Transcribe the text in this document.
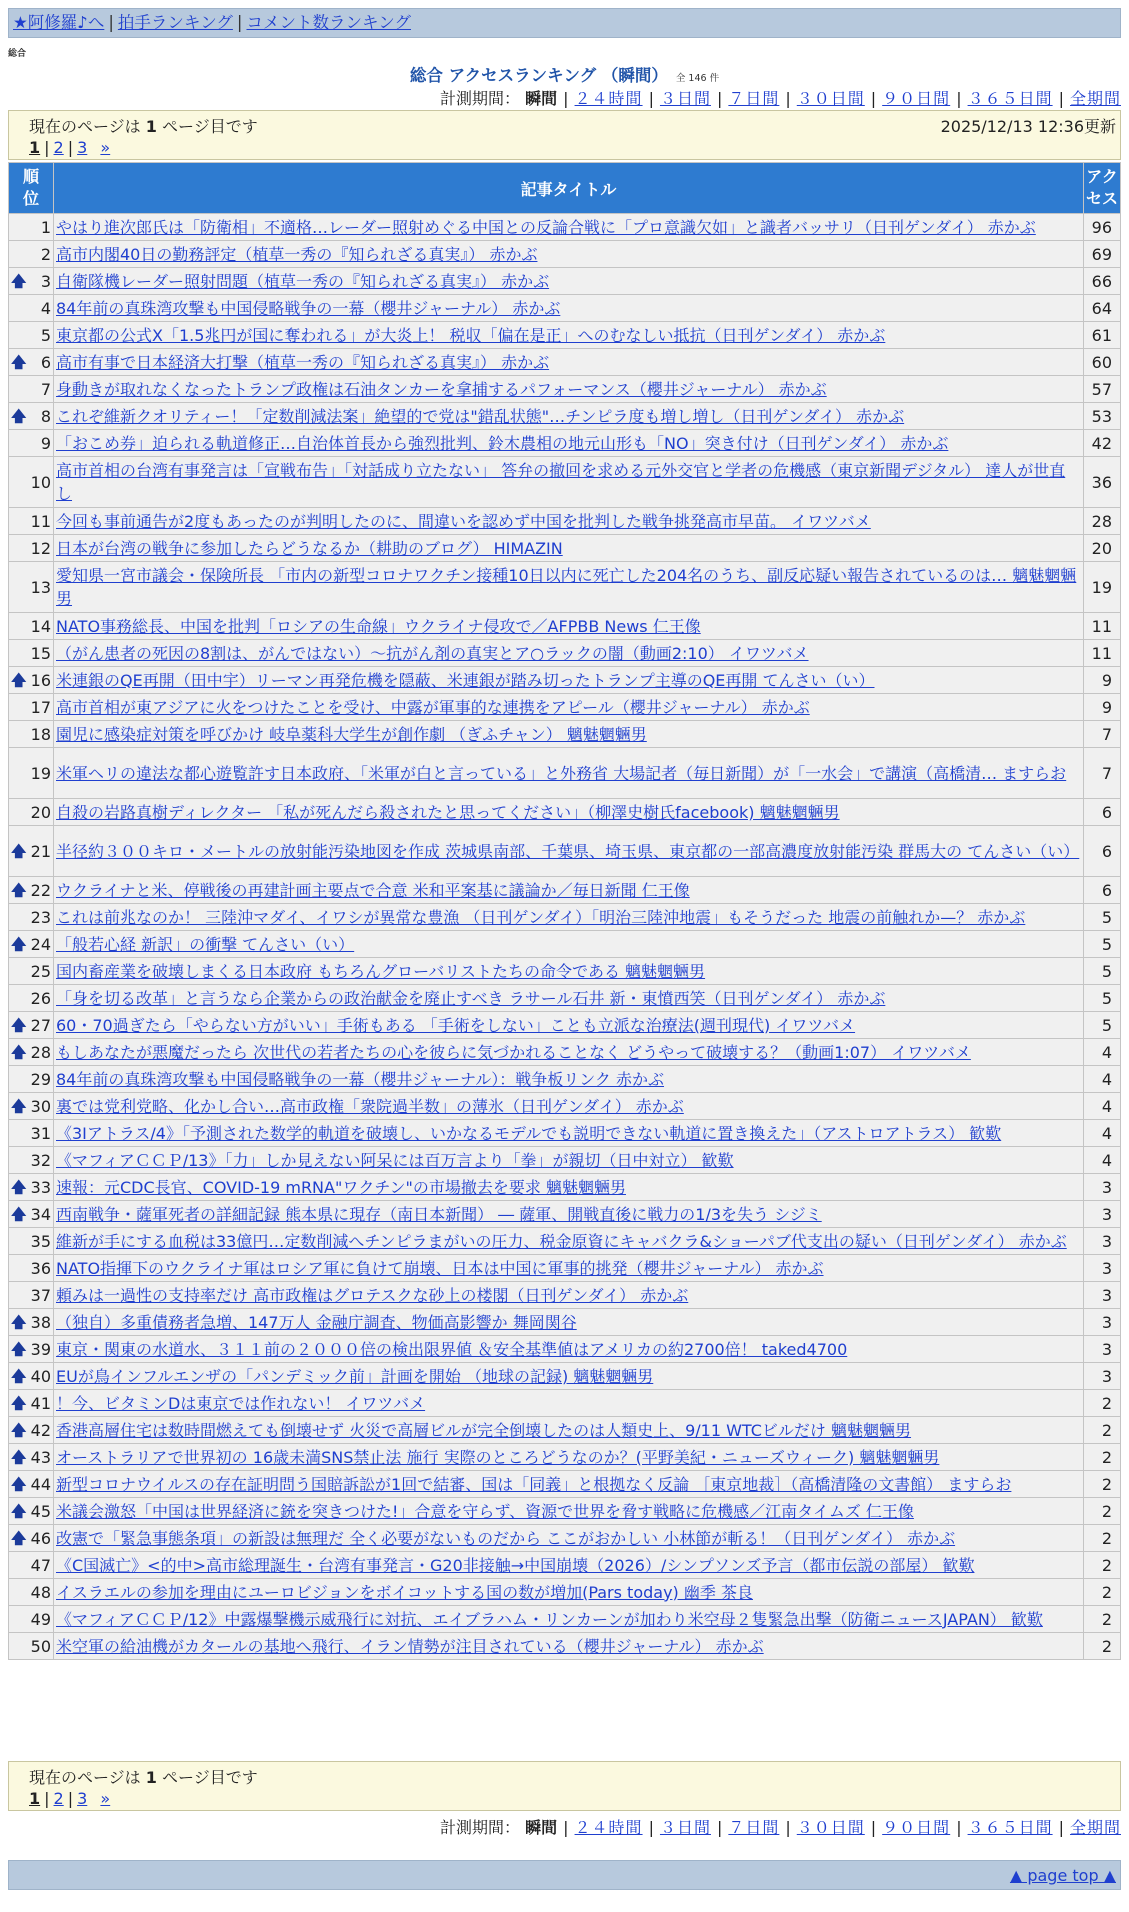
★阿修羅♪へ | 拍手ランキング | コメント数ランキング
総合
総合 アクセスランキング （瞬間） 全 146 件
計測期間： 瞬間 | ２４時間 | ３日間 | ７日間 | ３０日間 | ９０日間 | ３６５日間 | 全期間
現在のページは 1 ページ目です	2025/12/13 12:36更新
1 | 2 | 3 »
順位	記事タイトル	アクセス
1	やはり進次郎氏は「防衛相」不適格…レーダー照射めぐる中国との反論合戦に「プロ意識欠如」と識者バッサリ（日刊ゲンダイ） 赤かぶ	96
2	高市内閣40日の勤務評定（植草一秀の『知られざる真実』） 赤かぶ	69

🡅 3	自衛隊機レーダー照射問題（植草一秀の『知られざる真実』） 赤かぶ	66
4	84年前の真珠湾攻撃も中国侵略戦争の一幕（櫻井ジャーナル） 赤かぶ	64
5	東京都の公式X「1.5兆円が国に奪われる」が大炎上！ 税収「偏在是正」へのむなしい抵抗（日刊ゲンダイ） 赤かぶ	61

🡅 6	高市有事で日本経済大打撃（植草一秀の『知られざる真実』） 赤かぶ	60
7	身動きが取れなくなったトランプ政権は石油タンカーを拿捕するパフォーマンス（櫻井ジャーナル） 赤かぶ	57

🡅 8	これぞ維新クオリティー！「定数削減法案」絶望的で党は"錯乱状態"…チンピラ度も増し増し（日刊ゲンダイ） 赤かぶ	53
9	「おこめ券」迫られる軌道修正…自治体首長から強烈批判、鈴木農相の地元山形も「NO」突き付け（日刊ゲンダイ） 赤かぶ	42
10	高市首相の台湾有事発言は「宣戦布告」「対話成り立たない」 答弁の撤回を求める元外交官と学者の危機感（東京新聞デジタル） 達人が世直し	36
11	今回も事前通告が2度もあったのが判明したのに、間違いを認めず中国を批判した戦争挑発高市早苗。 イワツバメ	28
12	日本が台湾の戦争に参加したらどうなるか（耕助のブログ） HIMAZIN	20
13	愛知県一宮市議会・保険所長 「市内の新型コロナワクチン接種10日以内に死亡した204名のうち、副反応疑い報告されているのは… 魑魅魍魎男	19
14	NATO事務総長、中国を批判「ロシアの生命線」ウクライナ侵攻で／AFPBB News 仁王像	11
15	（がん患者の死因の8割は、がんではない）〜抗がん剤の真実とア○ラックの闇（動画2:10） イワツバメ	11

🡅 16	米連銀のQE再開（田中宇）リーマン再発危機を隠蔽、米連銀が踏み切ったトランプ主導のQE再開 てんさい（い）	9
17	高市首相が東アジアに火をつけたことを受け、中露が軍事的な連携をアピール（櫻井ジャーナル） 赤かぶ	9
18	園児に感染症対策を呼びかけ 岐阜薬科大学生が創作劇 （ぎふチャン） 魑魅魍魎男	7
19	米軍ヘリの違法な都心遊覧許す日本政府、「米軍が白と言っている」と外務省 大場記者（毎日新聞）が「一水会」で講演（高橋清… ますらお	7
20	自殺の岩路真樹ディレクター 「私が死んだら殺されたと思ってください」（柳澤史樹氏facebook) 魑魅魍魎男	6

🡅 21	半径約３００キロ・メートルの放射能汚染地図を作成 茨城県南部、千葉県、埼玉県、東京都の一部高濃度放射能汚染 群馬大の てんさい（い）	6

🡅 22	ウクライナと米、停戦後の再建計画主要点で合意 米和平案基に議論か／毎日新聞 仁王像	6
23	これは前兆なのか！ 三陸沖マダイ、イワシが異常な豊漁 （日刊ゲンダイ）「明治三陸沖地震」もそうだった 地震の前触れか—？ 赤かぶ	5

🡅 24	「般若心経 新訳」の衝撃 てんさい（い）	5
25	国内畜産業を破壊しまくる日本政府 もちろんグローバリストたちの命令である 魑魅魍魎男	5
26	「身を切る改革」と言うなら企業からの政治献金を廃止すべき ラサール石井 新・東憤西笑（日刊ゲンダイ） 赤かぶ	5

🡅 27	60・70過ぎたら「やらない方がいい」手術もある 「手術をしない」ことも立派な治療法(週刊現代) イワツバメ	5

🡅 28	もしあなたが悪魔だったら 次世代の若者たちの心を彼らに気づかれることなく どうやって破壊する？（動画1:07） イワツバメ	4
29	84年前の真珠湾攻撃も中国侵略戦争の一幕（櫻井ジャーナル）：戦争板リンク 赤かぶ	4

🡅 30	裏では党利党略、化かし合い…高市政権「衆院過半数」の薄氷（日刊ゲンダイ） 赤かぶ	4
31	《3Iアトラス/4》「予測された数学的軌道を破壊し、いかなるモデルでも説明できない軌道に置き換えた」（アストロアトラス） 歓歎	4
32	《マフィアＣＣＰ/13》「力」しか見えない阿呆には百万言より「拳」が親切（日中対立） 歓歎	4

🡅 33	速報：元CDC長官、COVID-19 mRNA"ワクチン"の市場撤去を要求 魑魅魍魎男	3

🡅 34	西南戦争・薩軍死者の詳細記録 熊本県に現存（南日本新聞） ― 薩軍、開戦直後に戦力の1/3を失う シジミ	3
35	維新が手にする血税は33億円…定数削減へチンピラまがいの圧力、税金原資にキャバクラ&ショーパブ代支出の疑い（日刊ゲンダイ） 赤かぶ	3
36	NATO指揮下のウクライナ軍はロシア軍に負けて崩壊、日本は中国に軍事的挑発（櫻井ジャーナル） 赤かぶ	3
37	頼みは一過性の支持率だけ 高市政権はグロテスクな砂上の楼閣（日刊ゲンダイ） 赤かぶ	3

🡅 38	（独自）多重債務者急増、147万人 金融庁調査、物価高影響か 舞岡関谷	3

🡅 39	東京・関東の水道水、３１１前の２０００倍の検出限界値 ＆安全基準値はアメリカの約2700倍！ taked4700	3

🡅 40	EUが鳥インフルエンザの「パンデミック前」計画を開始 （地球の記録) 魑魅魍魎男	3

🡅 41	！今、ビタミンDは東京では作れない！ イワツバメ	2

🡅 42	香港高層住宅は数時間燃えても倒壊せず 火災で高層ビルが完全倒壊したのは人類史上、9/11 WTCビルだけ 魑魅魍魎男	2

🡅 43	オーストラリアで世界初の 16歳未満SNS禁止法 施行 実際のところどうなのか？(平野美紀・ニューズウィーク) 魑魅魍魎男	2

🡅 44	新型コロナウイルスの存在証明問う国賠訴訟が1回で結審、国は「同義」と根拠なく反論 ［東京地裁］（高橋清隆の文書館） ますらお	2

🡅 45	米議会激怒「中国は世界経済に銃を突きつけた!」合意を守らず、資源で世界を脅す戦略に危機感／江南タイムズ 仁王像	2

🡅 46	改憲で「緊急事態条項」の新設は無理だ 全く必要がないものだから ここがおかしい 小林節が斬る！（日刊ゲンダイ） 赤かぶ	2
47	《C国滅亡》<的中>高市総理誕生・台湾有事発言・G20非接触→中国崩壊（2026）/シンプソンズ予言（都市伝説の部屋） 歓歎	2
48	イスラエルの参加を理由にユーロビジョンをボイコットする国の数が増加(Pars today) 幽季 茶良	2
49	《マフィアＣＣＰ/12》中露爆撃機示威飛行に対抗、エイブラハム・リンカーンが加わり米空母２隻緊急出撃（防衛ニュースJAPAN） 歓歎	2
50	米空軍の給油機がカタールの基地へ飛行、イラン情勢が注目されている（櫻井ジャーナル） 赤かぶ	2
現在のページは 1 ページ目です
1 | 2 | 3 »
計測期間： 瞬間 | ２４時間 | ３日間 | ７日間 | ３０日間 | ９０日間 | ３６５日間 | 全期間
▲ page top ▲
